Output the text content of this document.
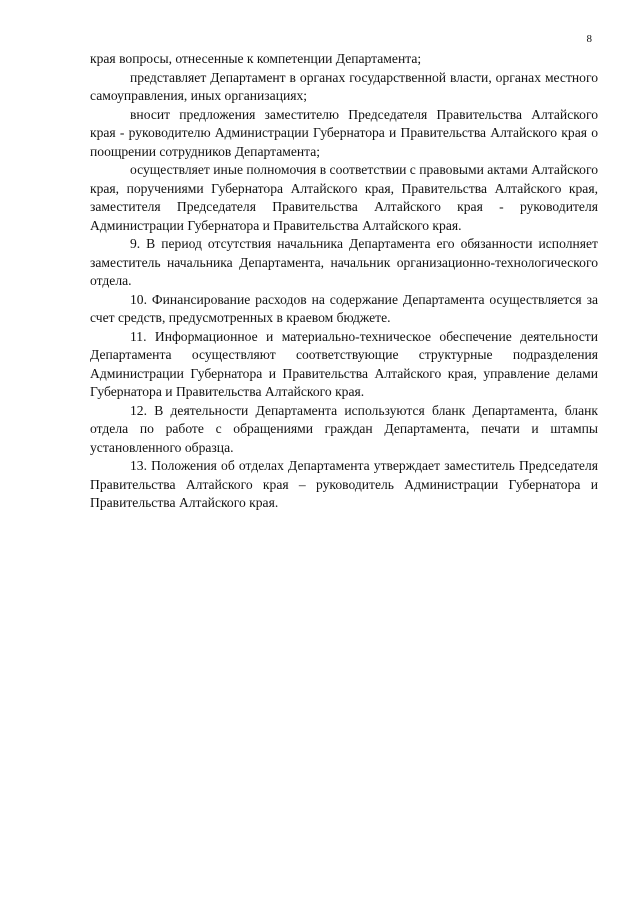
8

края вопросы, отнесенные к компетенции Департамента;

представляет Департамент в органах государственной власти, органах местного самоуправления, иных организациях;

вносит предложения заместителю Председателя Правительства Алтайского края - руководителю Администрации Губернатора и Правительства Алтайского края о поощрении сотрудников Департамента;

осуществляет иные полномочия в соответствии с правовыми актами Алтайского края, поручениями Губернатора Алтайского края, Правительства Алтайского края, заместителя Председателя Правительства Алтайского края - руководителя Администрации Губернатора и Правительства Алтайского края.

9. В период отсутствия начальника Департамента его обязанности исполняет заместитель начальника Департамента, начальник организационно-технологического отдела.

10. Финансирование расходов на содержание Департамента осуществляется за счет средств, предусмотренных в краевом бюджете.

11. Информационное и материально-техническое обеспечение деятельности Департамента осуществляют соответствующие структурные подразделения Администрации Губернатора и Правительства Алтайского края, управление делами Губернатора и Правительства Алтайского края.

12. В деятельности Департамента используются бланк Департамента, бланк отдела по работе с обращениями граждан Департамента, печати и штампы установленного образца.

13. Положения об отделах Департамента утверждает заместитель Председателя Правительства Алтайского края – руководитель Администрации Губернатора и Правительства Алтайского края.
